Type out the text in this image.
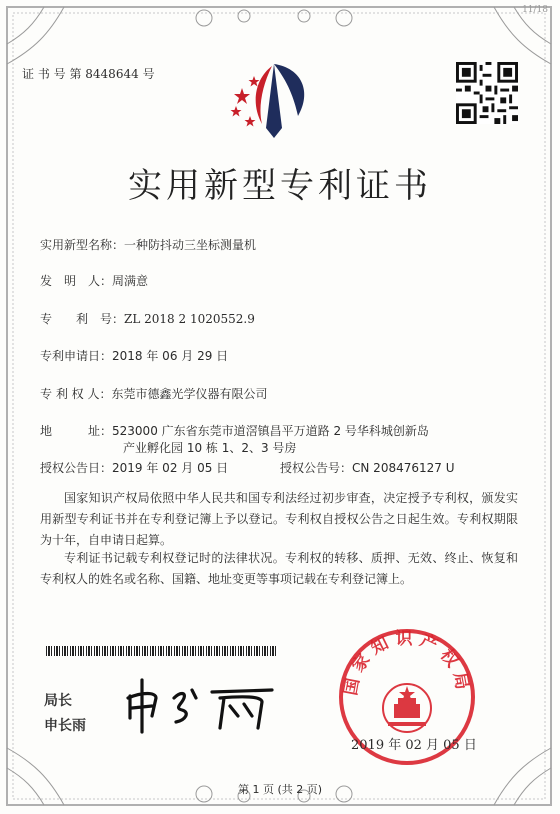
11/18
证 书 号 第 8448644 号
实用新型专利证书
实用新型名称：一种防抖动三坐标测量机
发　明　人：周满意
专　　利　号：ZL 2018 2 1020552.9
专利申请日：2018 年 06 月 29 日
专 利 权 人：东莞市德鑫光学仪器有限公司
地　　　址：523000 广东省东莞市道滘镇昌平万道路 2 号华科城创新岛
产业孵化园 10 栋 1、2、3 号房
授权公告日：2019 年 02 月 05 日	授权公告号：CN 208476127 U
国家知识产权局依照中华人民共和国专利法经过初步审查，决定授予专利权，颁发实用新型专利证书并在专利登记簿上予以登记。专利权自授权公告之日起生效。专利权期限为十年，自申请日起算。
专利证书记载专利权登记时的法律状况。专利权的转移、质押、无效、终止、恢复和专利权人的姓名或名称、国籍、地址变更等事项记载在专利登记簿上。
局长
申长雨
国家知识产权局
2019 年 02 月 05 日
第 1 页 (共 2 页)
